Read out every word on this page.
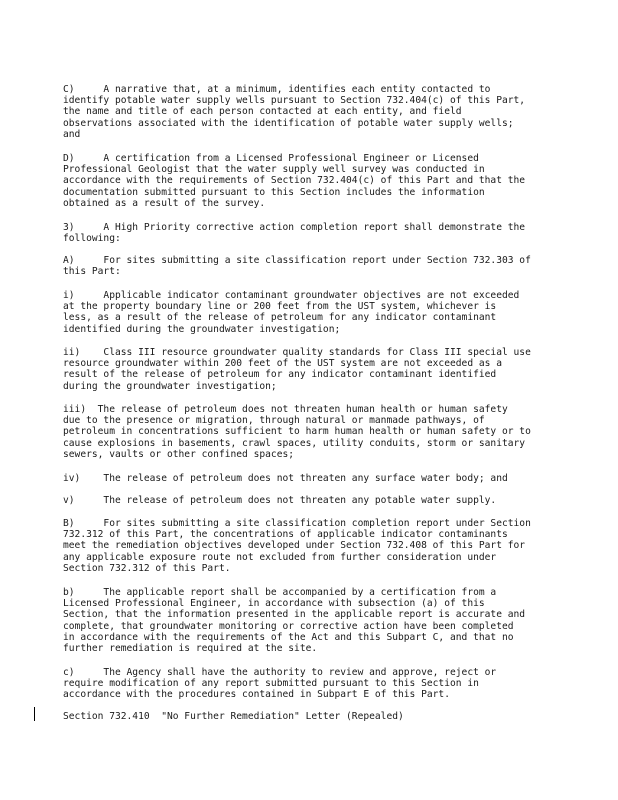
C)     A narrative that, at a minimum, identifies each entity contacted to
identify potable water supply wells pursuant to Section 732.404(c) of this Part,
the name and title of each person contacted at each entity, and field
observations associated with the identification of potable water supply wells;
and

D)     A certification from a Licensed Professional Engineer or Licensed
Professional Geologist that the water supply well survey was conducted in
accordance with the requirements of Section 732.404(c) of this Part and that the
documentation submitted pursuant to this Section includes the information
obtained as a result of the survey.

3)     A High Priority corrective action completion report shall demonstrate the
following:

A)     For sites submitting a site classification report under Section 732.303 of
this Part:

i)     Applicable indicator contaminant groundwater objectives are not exceeded
at the property boundary line or 200 feet from the UST system, whichever is
less, as a result of the release of petroleum for any indicator contaminant
identified during the groundwater investigation;

ii)    Class III resource groundwater quality standards for Class III special use
resource groundwater within 200 feet of the UST system are not exceeded as a
result of the release of petroleum for any indicator contaminant identified
during the groundwater investigation;

iii)  The release of petroleum does not threaten human health or human safety
due to the presence or migration, through natural or manmade pathways, of
petroleum in concentrations sufficient to harm human health or human safety or to
cause explosions in basements, crawl spaces, utility conduits, storm or sanitary
sewers, vaults or other confined spaces;

iv)    The release of petroleum does not threaten any surface water body; and

v)     The release of petroleum does not threaten any potable water supply.

B)     For sites submitting a site classification completion report under Section
732.312 of this Part, the concentrations of applicable indicator contaminants
meet the remediation objectives developed under Section 732.408 of this Part for
any applicable exposure route not excluded from further consideration under
Section 732.312 of this Part.

b)     The applicable report shall be accompanied by a certification from a
Licensed Professional Engineer, in accordance with subsection (a) of this
Section, that the information presented in the applicable report is accurate and
complete, that groundwater monitoring or corrective action have been completed
in accordance with the requirements of the Act and this Subpart C, and that no
further remediation is required at the site.

c)     The Agency shall have the authority to review and approve, reject or
require modification of any report submitted pursuant to this Section in
accordance with the procedures contained in Subpart E of this Part.

Section 732.410  "No Further Remediation" Letter (Repealed)
